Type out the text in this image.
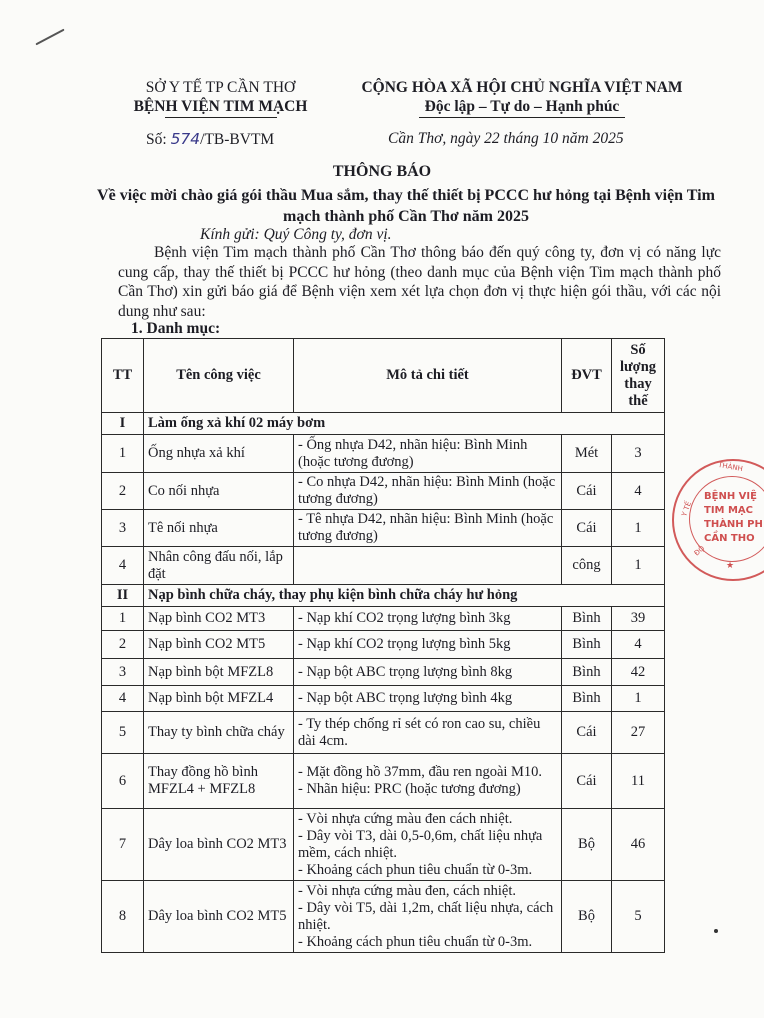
SỞ Y TẾ TP CẦN THƠ
BỆNH VIỆN TIM MẠCH
CỘNG HÒA XÃ HỘI CHỦ NGHĨA VIỆT NAM
Độc lập – Tự do – Hạnh phúc
Số: 574/TB-BVTM	Cần Thơ, ngày 22 tháng 10 năm 2025
THÔNG BÁO
Về việc mời chào giá gói thầu Mua sắm, thay thế thiết bị PCCC hư hỏng tại Bệnh viện Tim mạch thành phố Cần Thơ năm 2025
Kính gửi: Quý Công ty, đơn vị.
Bệnh viện Tim mạch thành phố Cần Thơ thông báo đến quý công ty, đơn vị có năng lực cung cấp, thay thế thiết bị PCCC hư hỏng (theo danh mục của Bệnh viện Tim mạch thành phố Cần Thơ) xin gửi báo giá để Bệnh viện xem xét lựa chọn đơn vị thực hiện gói thầu, với các nội dung như sau:
1. Danh mục:
TT	Tên công việc	Mô tả chi tiết	ĐVT	Số lượng thay thế
I	Làm ống xả khí 02 máy bơm			
1	Ống nhựa xả khí	- Ống nhựa D42, nhãn hiệu: Bình Minh (hoặc tương đương)	Mét	3
2	Co nối nhựa	- Co nhựa D42, nhãn hiệu: Bình Minh (hoặc tương đương)	Cái	4
3	Tê nối nhựa	- Tê nhựa D42, nhãn hiệu: Bình Minh (hoặc tương đương)	Cái	1
4	Nhân công đấu nối, lắp đặt		công	1
II	Nạp bình chữa cháy, thay phụ kiện bình chữa cháy hư hỏng			
1	Nạp bình CO2 MT3	- Nạp khí CO2 trọng lượng bình 3kg	Bình	39
2	Nạp bình CO2 MT5	- Nạp khí CO2 trọng lượng bình 5kg	Bình	4
3	Nạp bình bột MFZL8	- Nạp bột ABC trọng lượng bình 8kg	Bình	42
4	Nạp bình bột MFZL4	- Nạp bột ABC trọng lượng bình 4kg	Bình	1
5	Thay ty bình chữa cháy	- Ty thép chống rỉ sét có ron cao su, chiều dài 4cm.	Cái	27
6	Thay đồng hồ bình MFZL4 + MFZL8	- Mặt đồng hồ 37mm, đầu ren ngoài M10.
- Nhãn hiệu: PRC (hoặc tương đương)	Cái	11
7	Dây loa bình CO2 MT3	- Vòi nhựa cứng màu đen cách nhiệt.
- Dây vòi T3, dài 0,5-0,6m, chất liệu nhựa mềm, cách nhiệt.
- Khoảng cách phun tiêu chuẩn từ 0-3m.	Bộ	46
8	Dây loa bình CO2 MT5	- Vòi nhựa cứng màu đen, cách nhiệt.
- Dây vòi T5, dài 1,2m, chất liệu nhựa, cách nhiệt.
- Khoảng cách phun tiêu chuẩn từ 0-3m.	Bộ	5
THÀNH
Y TẾ
ĐỘ
BỆNH VIỆ
TIM MẠC
THÀNH PH
CẦN THO
★
